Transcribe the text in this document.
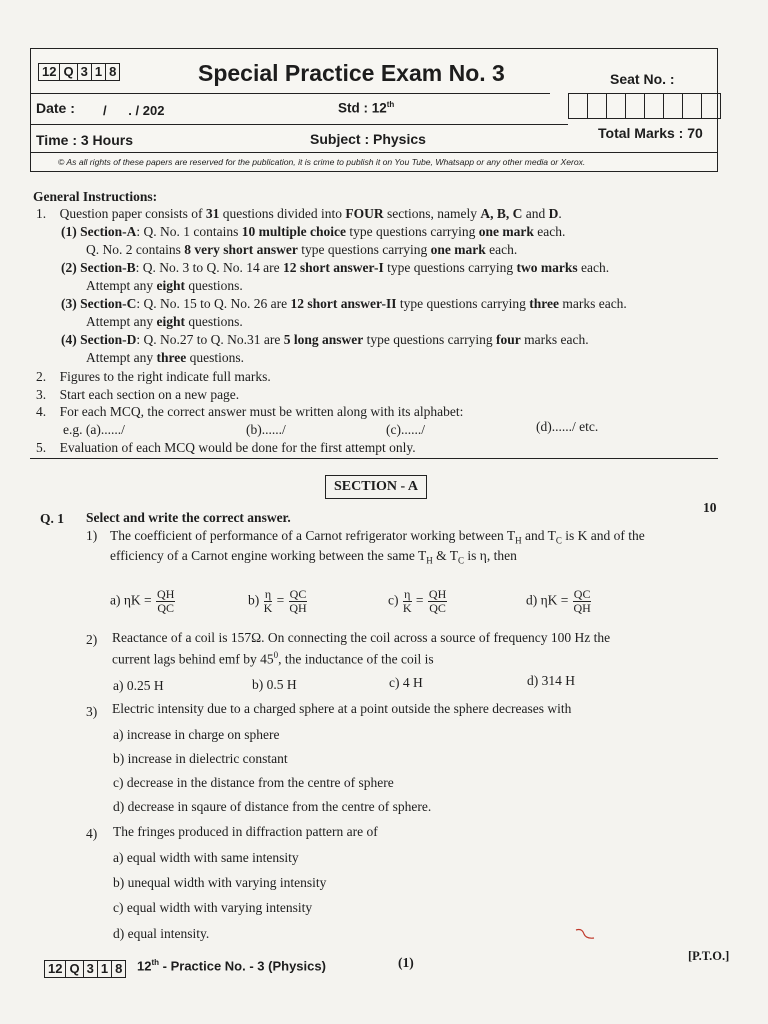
12 Q 3 1 8	Special Practice Exam No. 3	Seat No. :
Date : /      . / 202	Std : 12th
Time : 3 Hours	Subject : Physics	Total Marks : 70
© As all rights of these papers are reserved for the publication, it is crime to publish it on You Tube, Whatsapp or any other media or Xerox.
General Instructions:
1. Question paper consists of 31 questions divided into FOUR sections, namely A, B, C and D.
(1) Section-A: Q. No. 1 contains 10 multiple choice type questions carrying one mark each.
Q. No. 2 contains 8 very short answer type questions carrying one mark each.
(2) Section-B: Q. No. 3 to Q. No. 14 are 12 short answer-I type questions carrying two marks each.
Attempt any eight questions.
(3) Section-C: Q. No. 15 to Q. No. 26 are 12 short answer-II type questions carrying three marks each.
Attempt any eight questions.
(4) Section-D: Q. No.27 to Q. No.31 are 5 long answer type questions carrying four marks each.
Attempt any three questions.
2. Figures to the right indicate full marks.
3. Start each section on a new page.
4. For each MCQ, the correct answer must be written along with its alphabet:
e.g. (a)....../	(b)....../	(c)....../	(d)....../ etc.
5. Evaluation of each MCQ would be done for the first attempt only.
SECTION - A
10
Q. 1 Select and write the correct answer.
1) The coefficient of performance of a Carnot refrigerator working between $T_H$ and $T_C$ is K and of the
efficiency of a Carnot engine working between the same $T_H$ & $T_C$ is η, then
a) $\eta K = \frac{QH}{QC}$	$b) \frac{\eta}{K} = \frac{QC}{QH}$	$c) \frac{\eta}{K} = \frac{QH}{QC}$	d) $\eta K = \frac{QC}{QH}$
2) Reactance of a coil is 157Ω. On connecting the coil across a source of frequency 100 Hz the
current lags behind emf by $45^0$, the inductance of the coil is
a) 0.25 H	b) 0.5 H	c) 4 H	d) 314 H
3) Electric intensity due to a charged sphere at a point outside the sphere decreases with
a) increase in charge on sphere
b) increase in dielectric constant
c) decrease in the distance from the centre of sphere
d) decrease in sqaure of distance from the centre of sphere.
4) The fringes produced in diffraction pattern are of
a) equal width with same intensity
b) unequal width with varying intensity
c) equal width with varying intensity
d) equal intensity.
12 Q 3 1 8 12th - Practice No. - 3 (Physics)	(1)	[P.T.O.]
